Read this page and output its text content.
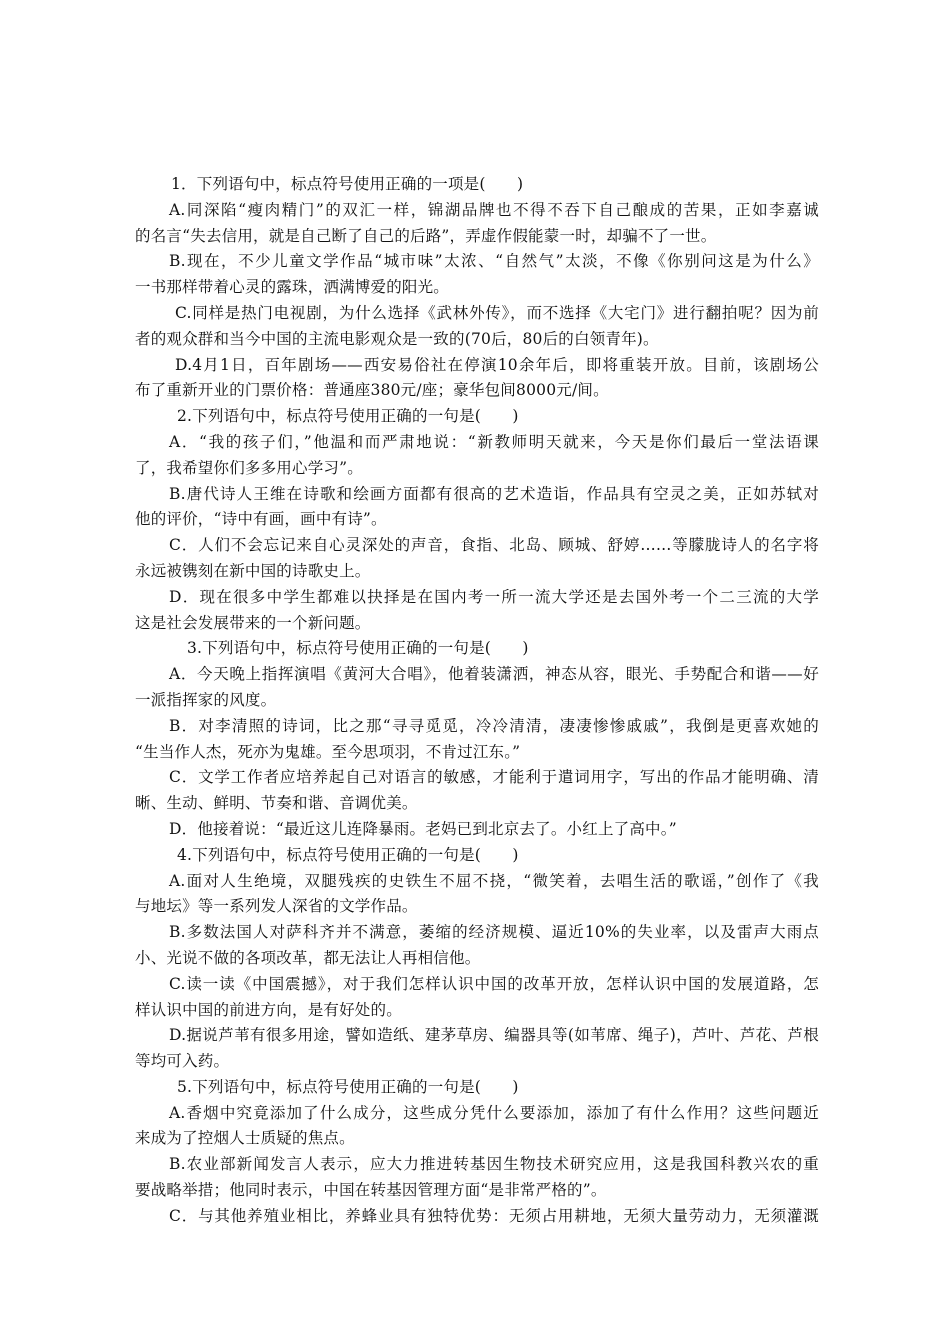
1．下列语句中，标点符号使用正确的一项是(　　)
A.同深陷“瘦肉精门”的双汇一样，锦湖品牌也不得不吞下自己酿成的苦果，正如李嘉诚
的名言“失去信用，就是自己断了自己的后路”，弄虚作假能蒙一时，却骗不了一世。
B.现在，不少儿童文学作品“城市味”太浓、“自然气”太淡，不像《你别问这是为什么》
一书那样带着心灵的露珠，洒满博爱的阳光。
C.同样是热门电视剧，为什么选择《武林外传》，而不选择《大宅门》进行翻拍呢？因为前
者的观众群和当今中国的主流电影观众是一致的(70后，80后的白领青年)。
D.4月1日，百年剧场——西安易俗社在停演10余年后，即将重装开放。目前，该剧场公
布了重新开业的门票价格：普通座380元/座；豪华包间8000元/间。
2.下列语句中，标点符号使用正确的一句是(　　)
A．“我的孩子们，”他温和而严肃地说：“新教师明天就来，今天是你们最后一堂法语课
了，我希望你们多多用心学习”。
B.唐代诗人王维在诗歌和绘画方面都有很高的艺术造诣，作品具有空灵之美，正如苏轼对
他的评价，“诗中有画，画中有诗”。
C．人们不会忘记来自心灵深处的声音，食指、北岛、顾城、舒婷……等朦胧诗人的名字将
永远被镌刻在新中国的诗歌史上。
D．现在很多中学生都难以抉择是在国内考一所一流大学还是去国外考一个二三流的大学
这是社会发展带来的一个新问题。
3.下列语句中，标点符号使用正确的一句是(　　)
A．今天晚上指挥演唱《黄河大合唱》，他着装潇洒，神态从容，眼光、手势配合和谐——好
一派指挥家的风度。
B．对李清照的诗词，比之那“寻寻觅觅，冷冷清清，凄凄惨惨戚戚”，我倒是更喜欢她的
“生当作人杰，死亦为鬼雄。至今思项羽，不肯过江东。”
C．文学工作者应培养起自己对语言的敏感，才能利于遣词用字，写出的作品才能明确、清
晰、生动、鲜明、节奏和谐、音调优美。
D．他接着说：“最近这儿连降暴雨。老妈已到北京去了。小红上了高中。”
4.下列语句中，标点符号使用正确的一句是(　　)
A.面对人生绝境，双腿残疾的史铁生不屈不挠，“微笑着，去唱生活的歌谣，”创作了《我
与地坛》等一系列发人深省的文学作品。
B.多数法国人对萨科齐并不满意，萎缩的经济规模、逼近10%的失业率，以及雷声大雨点
小、光说不做的各项改革，都无法让人再相信他。
C.读一读《中国震撼》，对于我们怎样认识中国的改革开放，怎样认识中国的发展道路，怎
样认识中国的前进方向，是有好处的。
D.据说芦苇有很多用途，譬如造纸、建茅草房、编器具等(如苇席、绳子)，芦叶、芦花、芦根
等均可入药。
5.下列语句中，标点符号使用正确的一句是(　　)
A.香烟中究竟添加了什么成分，这些成分凭什么要添加，添加了有什么作用？这些问题近
来成为了控烟人士质疑的焦点。
B.农业部新闻发言人表示，应大力推进转基因生物技术研究应用，这是我国科教兴农的重
要战略举措；他同时表示，中国在转基因管理方面“是非常严格的”。
C．与其他养殖业相比，养蜂业具有独特优势：无须占用耕地，无须大量劳动力，无须灌溉
